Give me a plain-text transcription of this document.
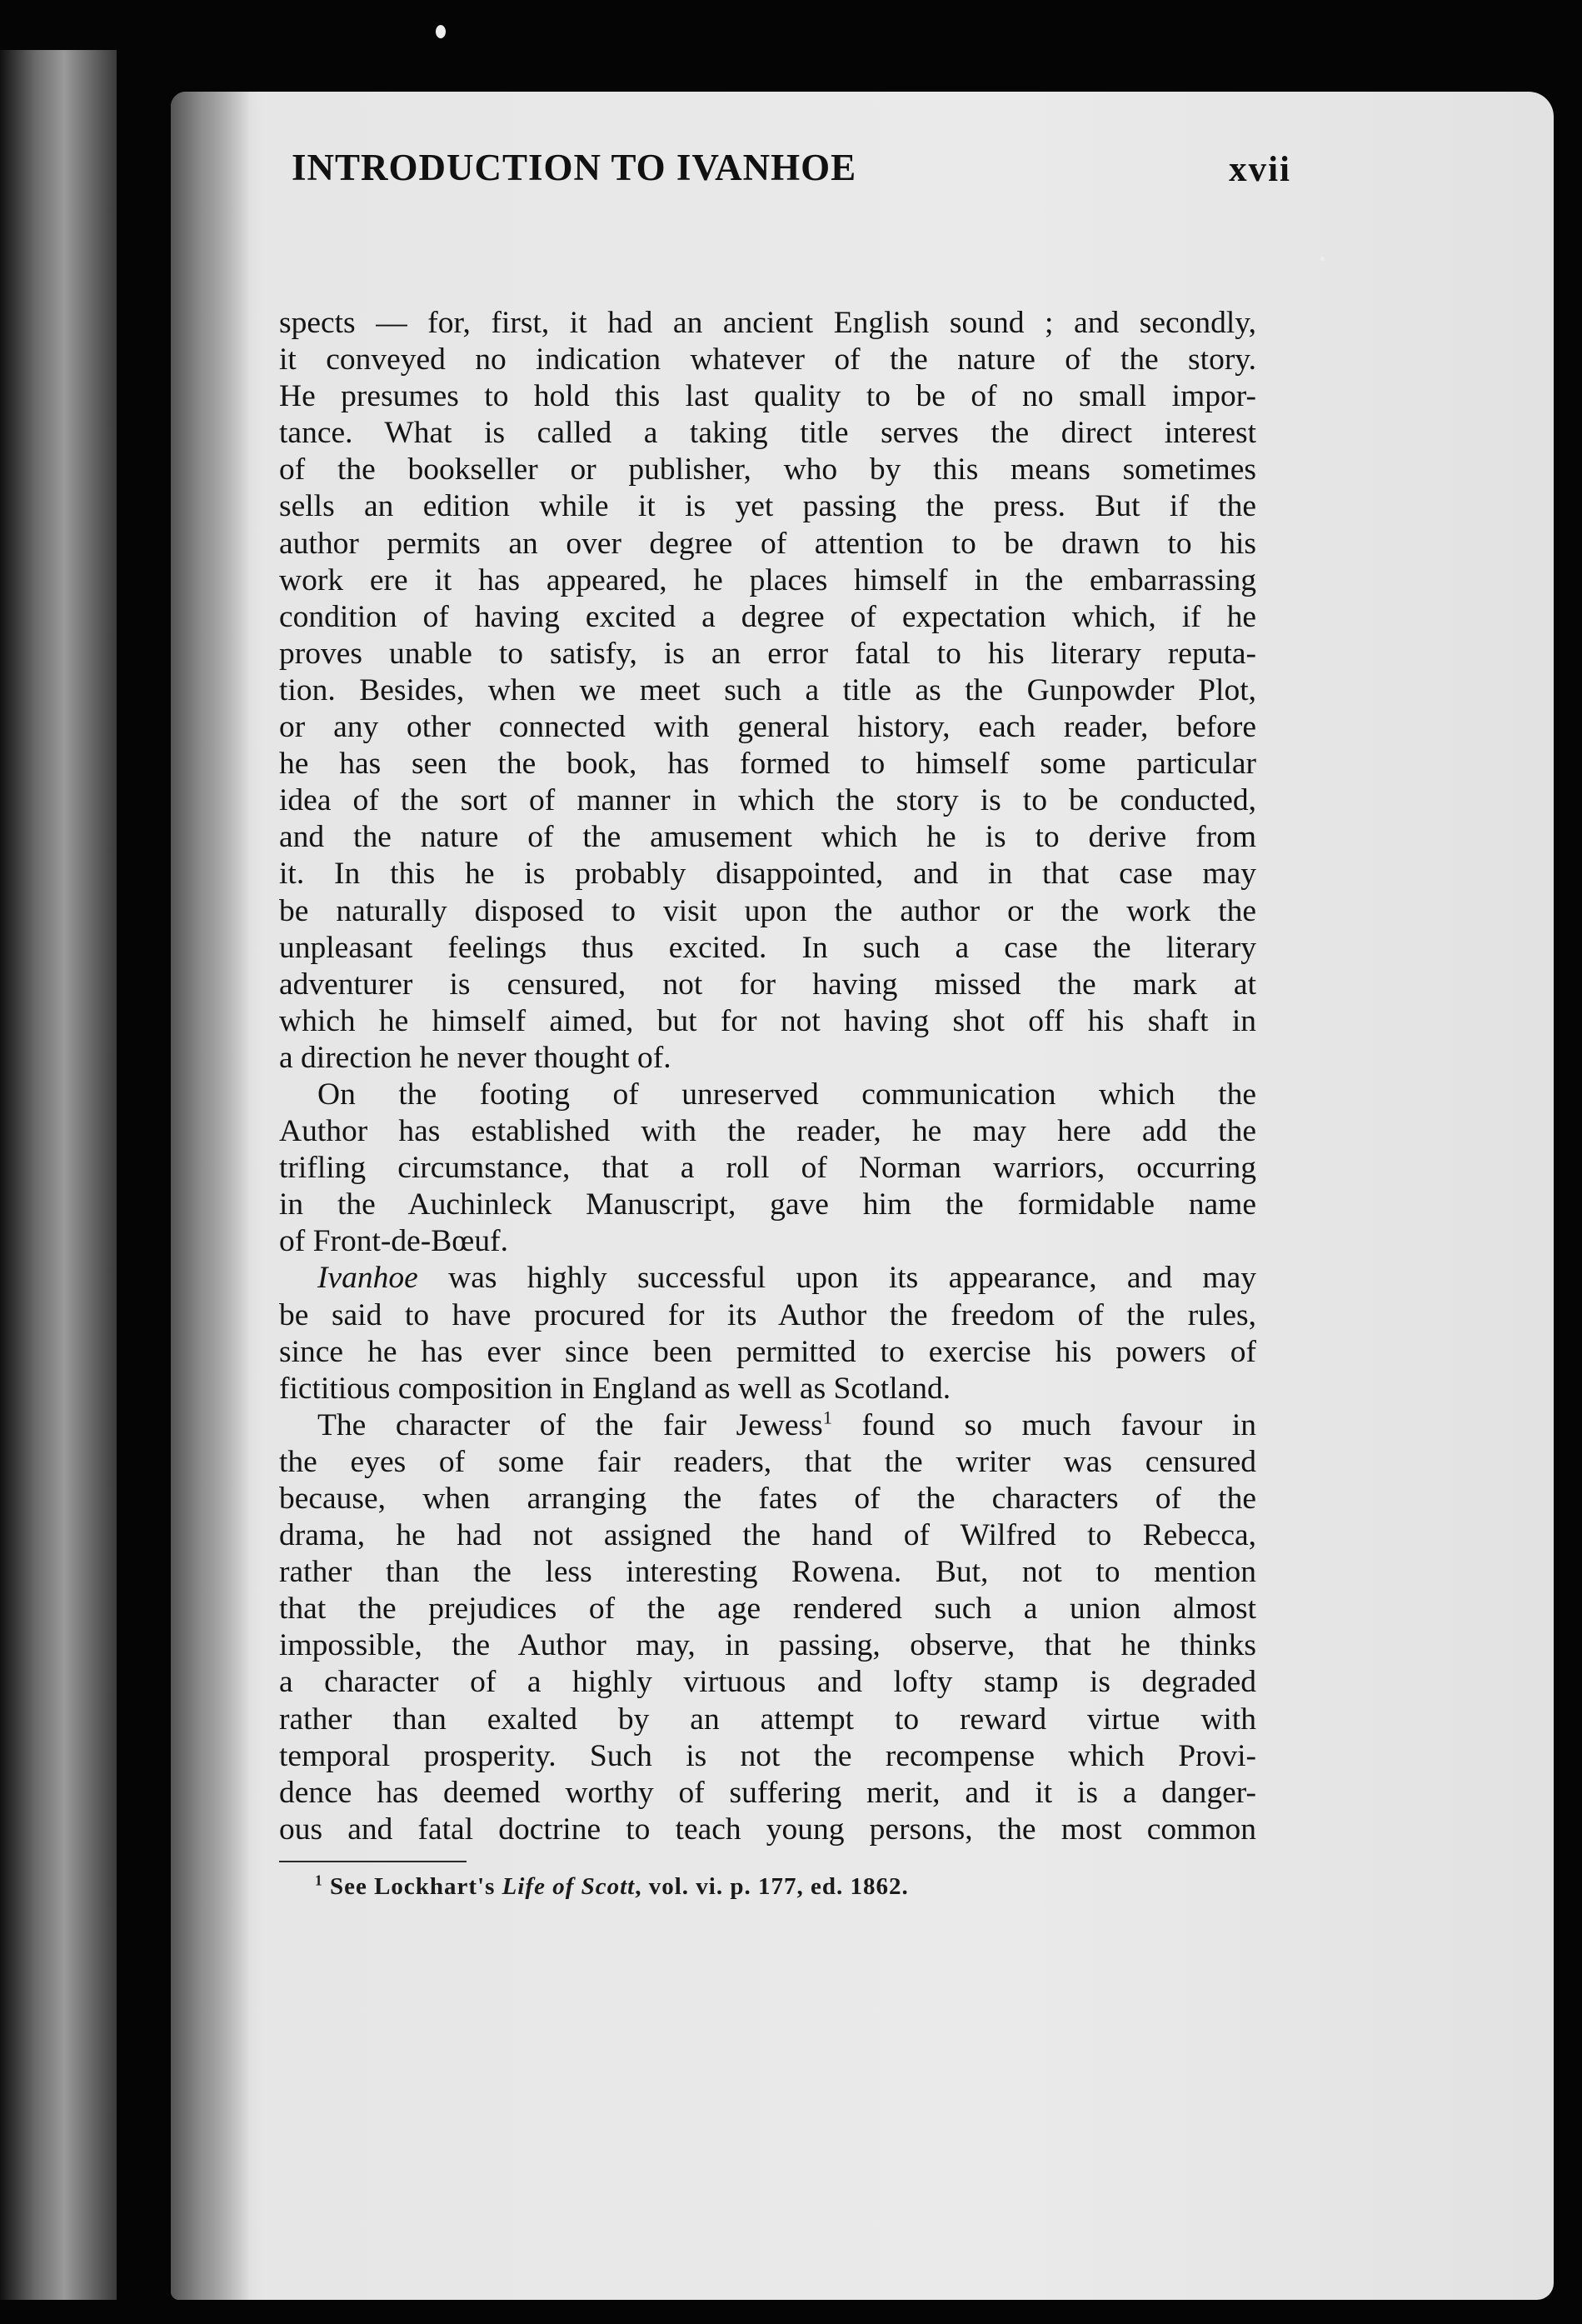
INTRODUCTION TO IVANHOE	xvii
spects — for, first, it had an ancient English sound ; and secondly,
it conveyed no indication whatever of the nature of the story.
He presumes to hold this last quality to be of no small impor-
tance. What is called a taking title serves the direct interest
of the bookseller or publisher, who by this means sometimes
sells an edition while it is yet passing the press. But if the
author permits an over degree of attention to be drawn to his
work ere it has appeared, he places himself in the embarrassing
condition of having excited a degree of expectation which, if he
proves unable to satisfy, is an error fatal to his literary reputa-
tion. Besides, when we meet such a title as the Gunpowder Plot,
or any other connected with general history, each reader, before
he has seen the book, has formed to himself some particular
idea of the sort of manner in which the story is to be conducted,
and the nature of the amusement which he is to derive from
it. In this he is probably disappointed, and in that case may
be naturally disposed to visit upon the author or the work the
unpleasant feelings thus excited. In such a case the literary
adventurer is censured, not for having missed the mark at
which he himself aimed, but for not having shot off his shaft in
a direction he never thought of.
On the footing of unreserved communication which the
Author has established with the reader, he may here add the
trifling circumstance, that a roll of Norman warriors, occurring
in the Auchinleck Manuscript, gave him the formidable name
of Front-de-Bœuf.
Ivanhoe was highly successful upon its appearance, and may
be said to have procured for its Author the freedom of the rules,
since he has ever since been permitted to exercise his powers of
fictitious composition in England as well as Scotland.
The character of the fair Jewess$^1$ found so much favour in
the eyes of some fair readers, that the writer was censured
because, when arranging the fates of the characters of the
drama, he had not assigned the hand of Wilfred to Rebecca,
rather than the less interesting Rowena. But, not to mention
that the prejudices of the age rendered such a union almost
impossible, the Author may, in passing, observe, that he thinks
a character of a highly virtuous and lofty stamp is degraded
rather than exalted by an attempt to reward virtue with
temporal prosperity. Such is not the recompense which Provi-
dence has deemed worthy of suffering merit, and it is a danger-
ous and fatal doctrine to teach young persons, the most common
$^1$ See Lockhart's Life of Scott, vol. vi. p. 177, ed. 1862.
